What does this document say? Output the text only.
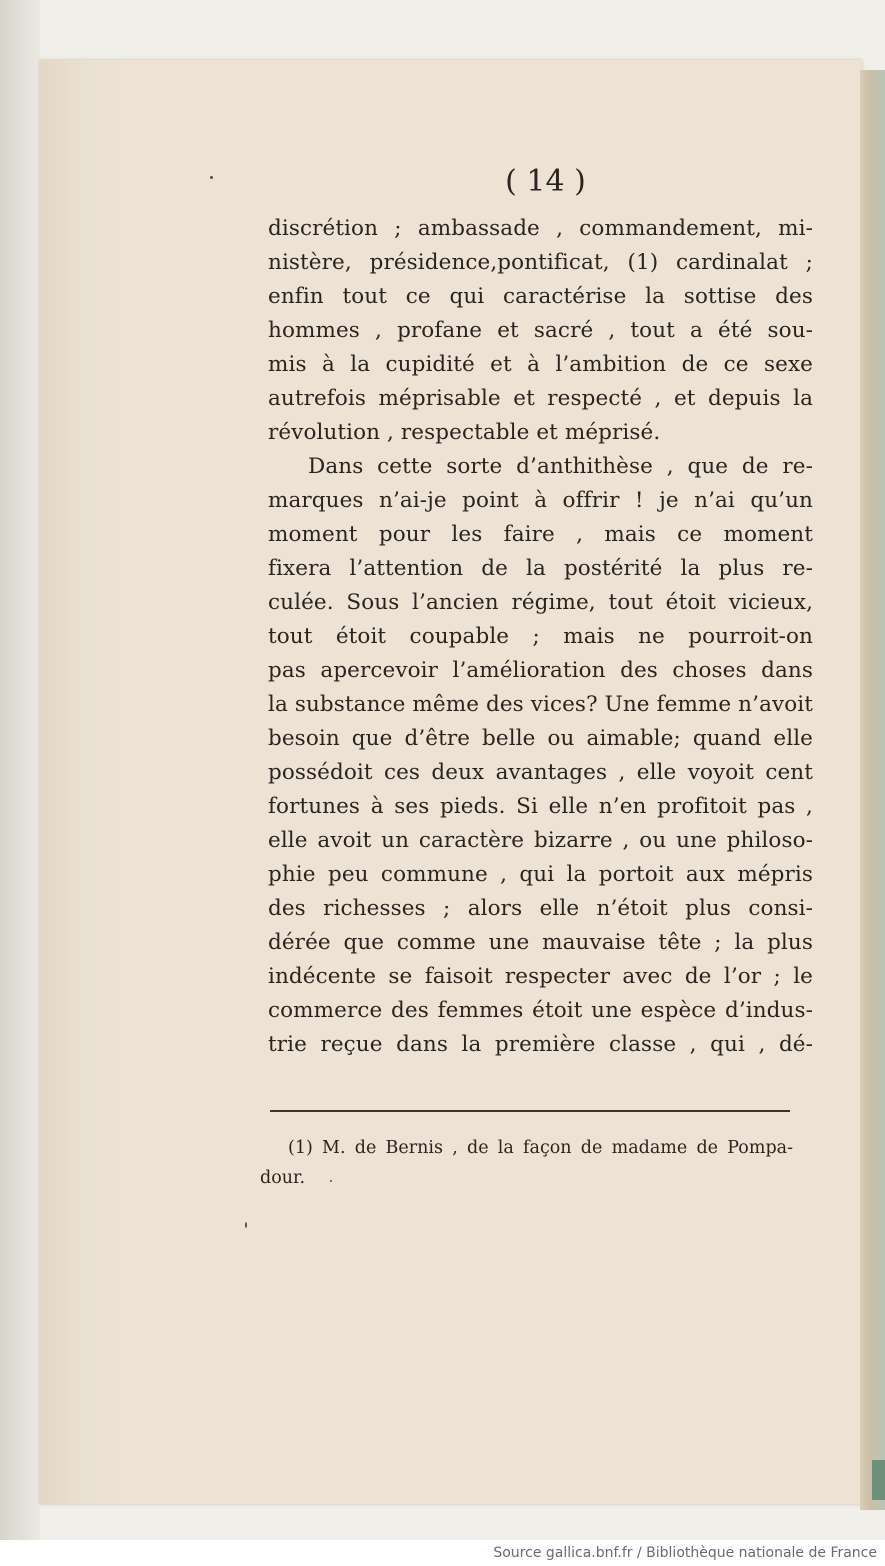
( 14 )
discrétion ; ambassade , commandement, mi-
nistère, présidence,pontificat, (1) cardinalat ;
enfin tout ce qui caractérise la sottise des
hommes , profane et sacré , tout a été sou-
mis à la cupidité et à l’ambition de ce sexe
autrefois méprisable et respecté , et depuis la
révolution , respectable et méprisé.
Dans cette sorte d’anthithèse , que de re-
marques n’ai-je point à offrir ! je n’ai qu’un
moment pour les faire , mais ce moment
fixera l’attention de la postérité la plus re-
culée. Sous l’ancien régime, tout étoit vicieux,
tout étoit coupable ; mais ne pourroit-on
pas apercevoir l’amélioration des choses dans
la substance même des vices? Une femme n’avoit
besoin que d’être belle ou aimable; quand elle
possédoit ces deux avantages , elle voyoit cent
fortunes à ses pieds. Si elle n’en profitoit pas ,
elle avoit un caractère bizarre , ou une philoso-
phie peu commune , qui la portoit aux mépris
des richesses ; alors elle n’étoit plus consi-
dérée que comme une mauvaise tête ; la plus
indécente se faisoit respecter avec de l’or ; le
commerce des femmes étoit une espèce d’indus-
trie reçue dans la première classe , qui , dé-
(1) M. de Bernis , de la façon de madame de Pompa-
dour.
Source gallica.bnf.fr / Bibliothèque nationale de France
